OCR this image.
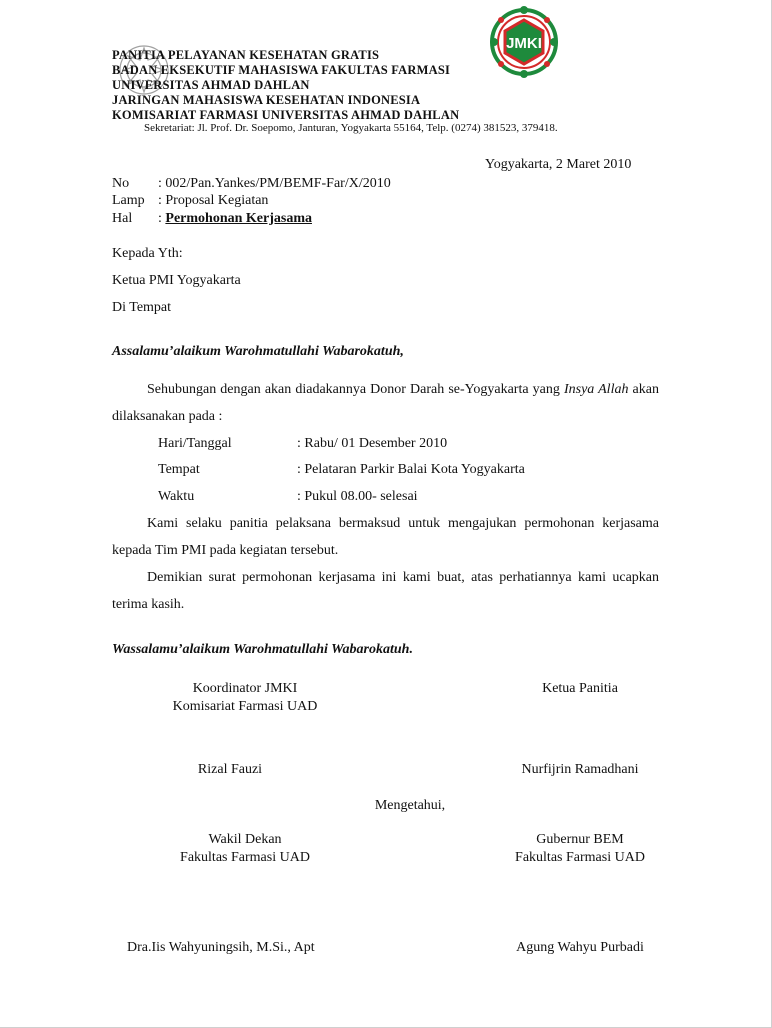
JMKI
PANITIA PELAYANAN KESEHATAN GRATIS
BADAN EKSEKUTIF MAHASISWA FAKULTAS FARMASI
UNIVERSITAS AHMAD DAHLAN
JARINGAN MAHASISWA KESEHATAN INDONESIA
KOMISARIAT FARMASI UNIVERSITAS AHMAD DAHLAN
Sekretariat: Jl. Prof. Dr. Soepomo, Janturan, Yogyakarta 55164, Telp. (0274) 381523, 379418.
Yogyakarta, 2 Maret 2010
No : 002/Pan.Yankes/PM/BEMF-Far/X/2010
Lamp : Proposal Kegiatan
Hal : Permohonan Kerjasama
Kepada Yth:
Ketua PMI Yogyakarta
Di Tempat
Assalamu’alaikum Warohmatullahi Wabarokatuh,
Sehubungan dengan akan diadakannya Donor Darah se-Yogyakarta yang Insya Allah akan dilaksanakan pada :
Hari/Tanggal	: Rabu/ 01 Desember 2010
Tempat	: Pelataran Parkir Balai Kota Yogyakarta
Waktu	: Pukul 08.00- selesai
Kami selaku panitia pelaksana bermaksud untuk mengajukan permohonan kerjasama kepada Tim PMI pada kegiatan tersebut.
Demikian surat permohonan kerjasama ini kami buat, atas perhatiannya kami ucapkan terima kasih.
Wassalamu’alaikum Warohmatullahi Wabarokatuh.
Koordinator JMKI
Komisariat Farmasi UAD
Ketua Panitia
Rizal Fauzi	Nurfijrin Ramadhani
Mengetahui,
Wakil Dekan
Fakultas Farmasi UAD
Gubernur BEM
Fakultas Farmasi UAD
Dra.Iis Wahyuningsih, M.Si., Apt	Agung Wahyu Purbadi
